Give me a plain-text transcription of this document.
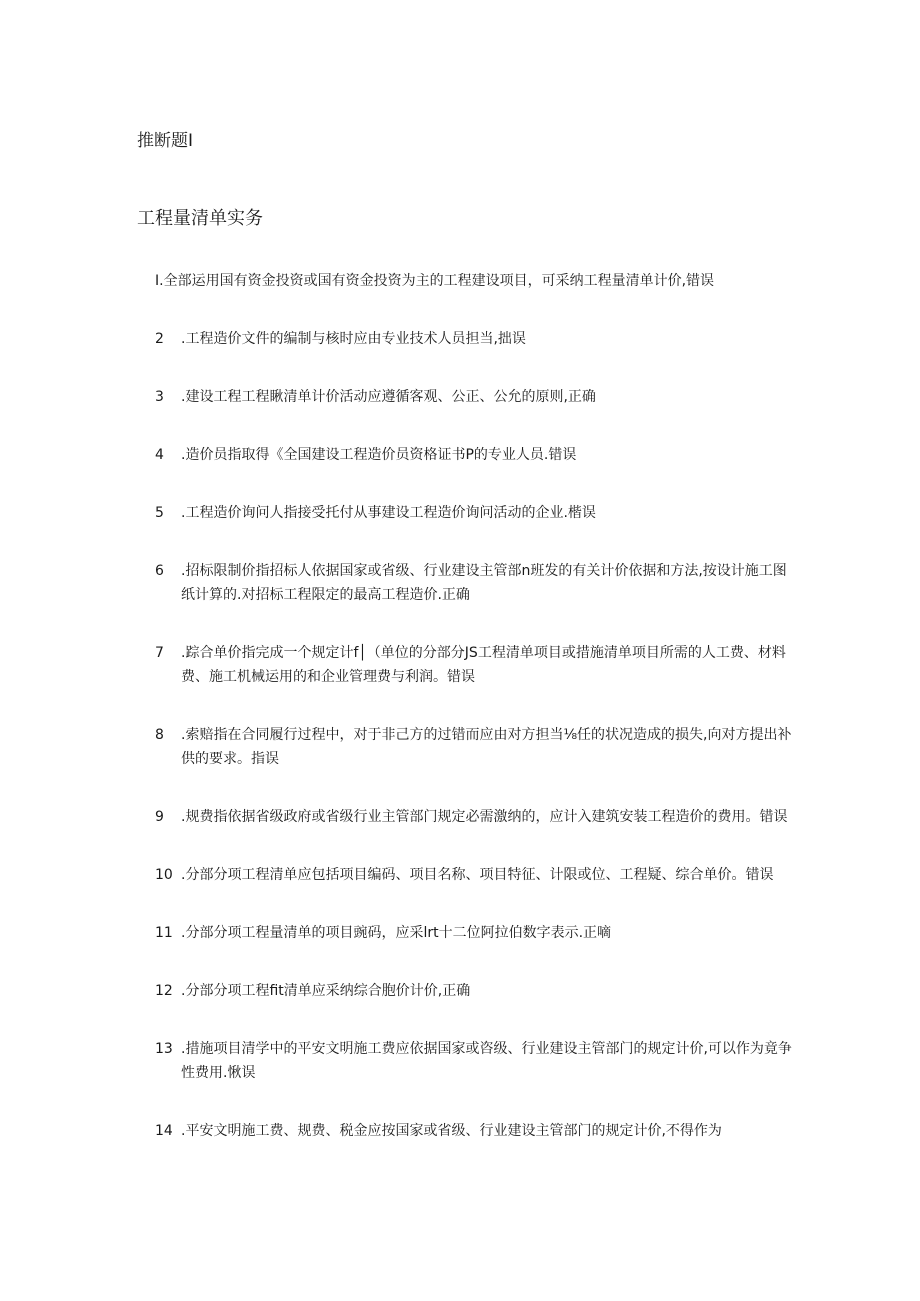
推断题I
工程量清单实务
I.全部运用国有资金投资或国有资金投资为主的工程建设项目，可采纳工程量清单计价,错误
2 .工程造价文件的编制与核时应由专业技术人员担当,拙误
3 .建设工程工程瞅清单计价活动应遵循客观、公正、公允的原则,正确
4 .造价员指取得《全国建设工程造价员资格证书P的专业人员.错误
5 .工程造价询问人指接受托付从事建设工程造价询问活动的企业.楷误
6 .招标限制价指招标人依据国家或省级、行业建设主管部n班发的有关计价依据和方法,按设计施工图纸计算的.对招标工程限定的最高工程造价.正确
7 .踪合单价指完成一个规定计f│（单位的分部分JS工程清单项目或措施清单项目所需的人工费、材料费、施工机械运用的和企业管理费与利润。错误
8 .索赔指在合同履行过程中，对于非己方的过错而应由对方担当⅛任的状况造成的损失,向对方提出补供的要求。指误
9 .规费指依据省级政府或省级行业主管部门规定必需激纳的，应计入建筑安装工程造价的费用。错误
10 .分部分项工程清单应包括项目编码、项目名称、项目特征、计限或位、工程疑、综合单价。错误
11 .分部分项工程量清单的项目豌码，应采lrt十二位阿拉伯数字表示.正嘀
12 .分部分项工程fit清单应采纳综合胞价计价,正确
13 .措施项目清学中的平安文明施工费应依据国家或咨级、行业建设主管部门的规定计价,可以作为竟争性费用.愀误
14 .平安文明施工费、规费、税金应按国家或省级、行业建设主管部门的规定计价,不得作为
